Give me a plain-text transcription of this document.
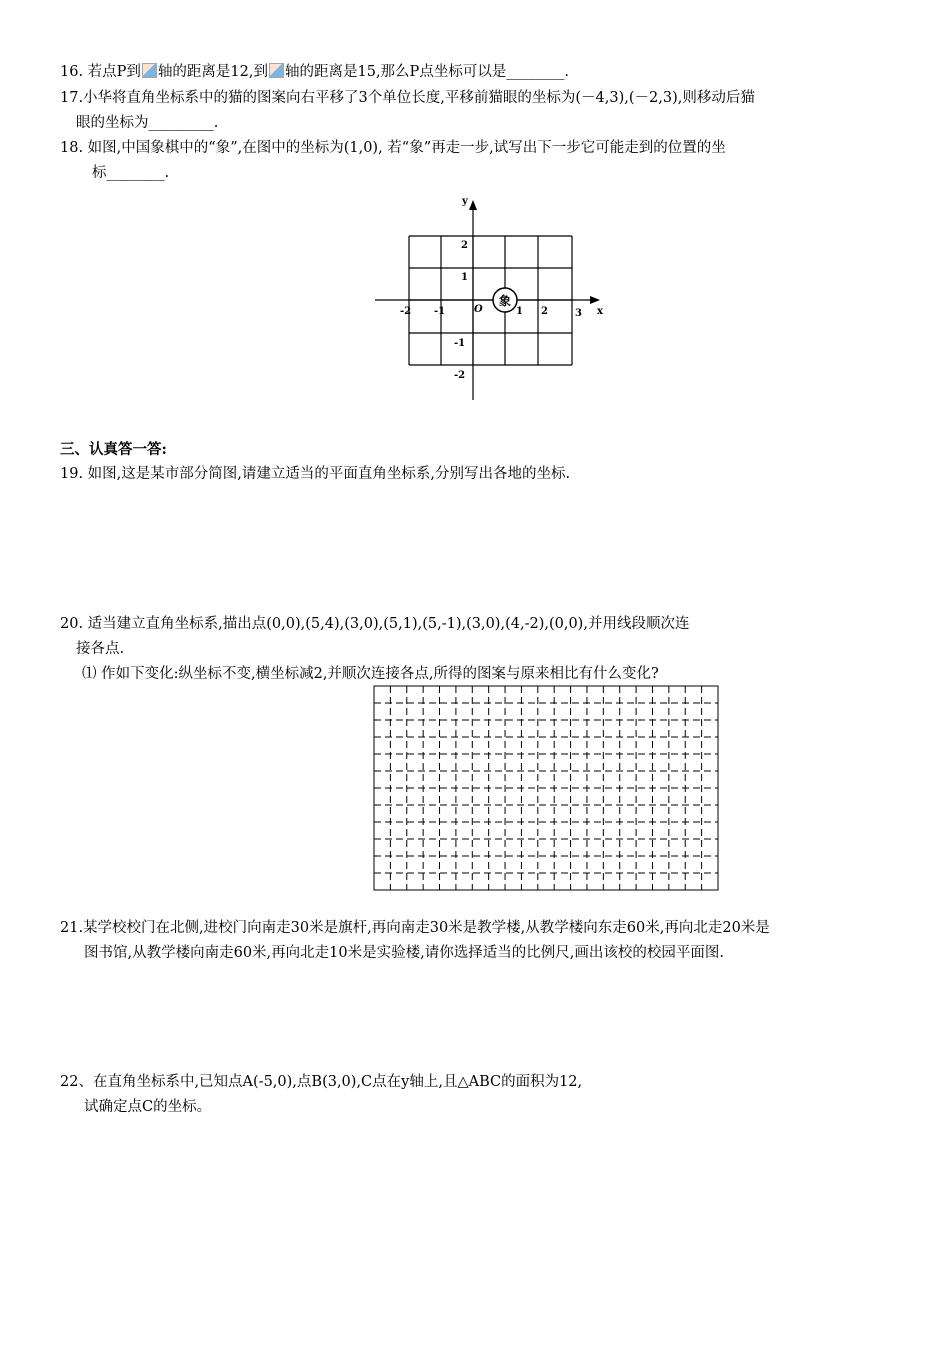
16. 若点P到 轴的距离是12,到 轴的距离是15,那么P点坐标可以是________.
17.小华将直角坐标系中的猫的图案向右平移了3个单位长度,平移前猫眼的坐标为(－4,3),(－2,3),则移动后猫
眼的坐标为_________.
18. 如图,中国象棋中的“象”,在图中的坐标为(1,0), 若“象”再走一步,试写出下一步它可能走到的位置的坐
标________.
y
x
O
-2 -1	1 2	3
2
1
-1
-2
象
三、认真答一答:
19. 如图,这是某市部分简图,请建立适当的平面直角坐标系,分别写出各地的坐标.
20. 适当建立直角坐标系,描出点(0,0),(5,4),(3,0),(5,1),(5,-1),(3,0),(4,-2),(0,0),并用线段顺次连
接各点.
⑴ 作如下变化:纵坐标不变,横坐标减2,并顺次连接各点,所得的图案与原来相比有什么变化?
21.某学校校门在北侧,进校门向南走30米是旗杆,再向南走30米是教学楼,从教学楼向东走60米,再向北走20米是
图书馆,从教学楼向南走60米,再向北走10米是实验楼,请你选择适当的比例尺,画出该校的校园平面图.
22、在直角坐标系中,已知点A(-5,0),点B(3,0),C点在y轴上,且△ABC的面积为12,
试确定点C的坐标。
